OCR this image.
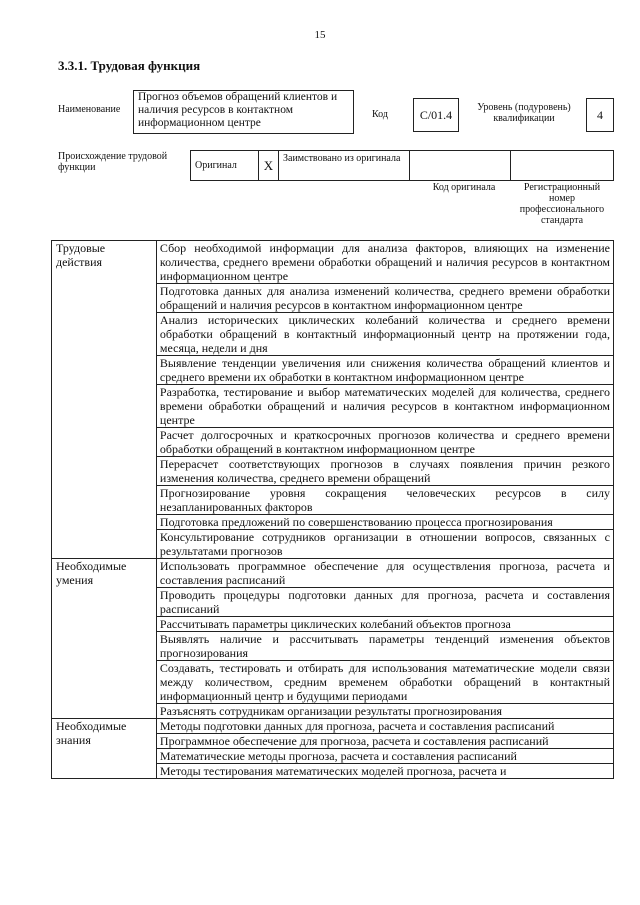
15
3.3.1. Трудовая функция
Наименование
Прогноз объемов обращений клиентов и наличия ресурсов в контактном информационном центре
Код	C/01.4	Уровень (подуровень) квалификации	4
Происхождение трудовой функции	Оригинал	X	Заимствовано из оригинала		
Код оригинала	Регистрационный номер профессионального стандарта
Трудовые действия	Сбор необходимой информации для анализа факторов, влияющих на изменение количества, среднего времени обработки обращений и наличия ресурсов в контактном информационном центре
	Подготовка данных для анализа изменений количества, среднего времени обработки обращений и наличия ресурсов в контактном информационном центре
	Анализ исторических циклических колебаний количества и среднего времени обработки обращений в контактный информационный центр на протяжении года, месяца, недели и дня
	Выявление тенденции увеличения или снижения количества обращений клиентов и среднего времени их обработки в контактном информационном центре
	Разработка, тестирование и выбор математических моделей для количества, среднего времени обработки обращений и наличия ресурсов в контактном информационном центре
	Расчет долгосрочных и краткосрочных прогнозов количества и среднего времени обработки обращений в контактном информационном центре
	Перерасчет соответствующих прогнозов в случаях появления причин резкого изменения количества, среднего времени обращений
	Прогнозирование уровня сокращения человеческих ресурсов в силу незапланированных факторов
	Подготовка предложений по совершенствованию процесса прогнозирования
	Консультирование сотрудников организации в отношении вопросов, связанных с результатами прогнозов
Необходимые умения	Использовать программное обеспечение для осуществления прогноза, расчета и составления расписаний
	Проводить процедуры подготовки данных для прогноза, расчета и составления расписаний
	Рассчитывать параметры циклических колебаний объектов прогноза
	Выявлять наличие и рассчитывать параметры тенденций изменения объектов прогнозирования
	Создавать, тестировать и отбирать для использования математические модели связи между количеством, средним временем обработки обращений в контактный информационный центр и будущими периодами
	Разъяснять сотрудникам организации результаты прогнозирования
Необходимые знания	Методы подготовки данных для прогноза, расчета и составления расписаний
	Программное обеспечение для прогноза, расчета и составления расписаний
	Математические методы прогноза, расчета и составления расписаний
	Методы тестирования математических моделей прогноза, расчета и
